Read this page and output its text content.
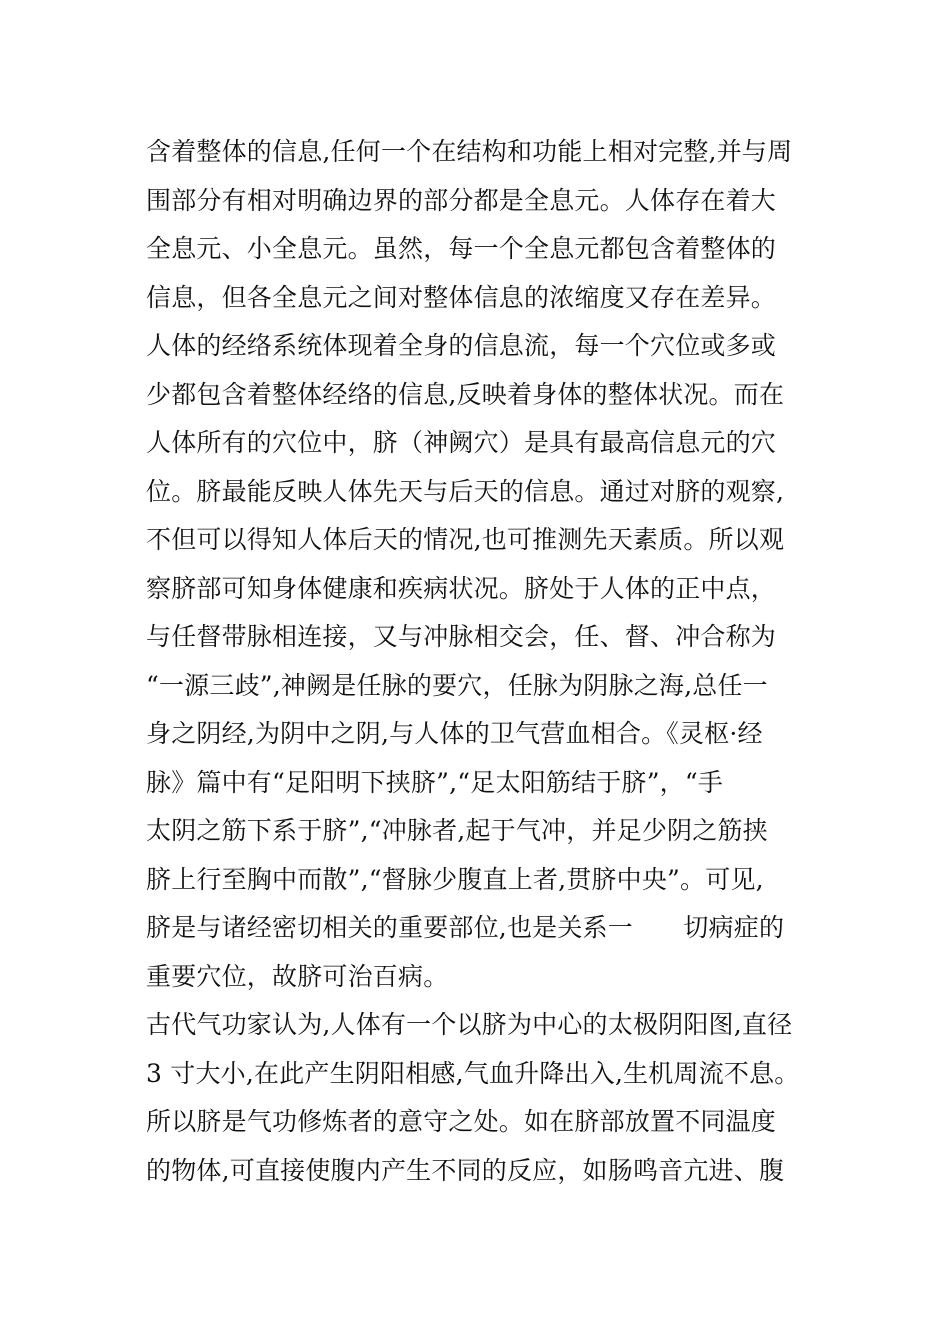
含着整体的信息,任何一个在结构和功能上相对完整,并与周
围部分有相对明确边界的部分都是全息元。人体存在着大
全息元、小全息元。虽然，每一个全息元都包含着整体的
信息，但各全息元之间对整体信息的浓缩度又存在差异。
人体的经络系统体现着全身的信息流，每一个穴位或多或
少都包含着整体经络的信息,反映着身体的整体状况。而在
人体所有的穴位中，脐（神阙穴）是具有最高信息元的穴
位。脐最能反映人体先天与后天的信息。通过对脐的观察,
不但可以得知人体后天的情况,也可推测先天素质。所以观
察脐部可知身体健康和疾病状况。脐处于人体的正中点，
与任督带脉相连接，又与冲脉相交会，任、督、冲合称为
“一源三歧”,神阙是任脉的要穴，任脉为阴脉之海,总任一
身之阴经,为阴中之阴,与人体的卫气营血相合。《灵枢·经
脉》篇中有“足阳明下挟脐”,“足太阳筋结于脐”，“手
太阴之筋下系于脐”,“冲脉者,起于气冲，并足少阴之筋挟
脐上行至胸中而散”,“督脉少腹直上者,贯脐中央”。可见,
脐是与诸经密切相关的重要部位,也是关系一　　切病症的
重要穴位，故脐可治百病。
古代气功家认为,人体有一个以脐为中心的太极阴阳图,直径
3 寸大小,在此产生阴阳相感,气血升降出入,生机周流不息。
所以脐是气功修炼者的意守之处。如在脐部放置不同温度
的物体,可直接使腹内产生不同的反应，如肠鸣音亢进、腹
